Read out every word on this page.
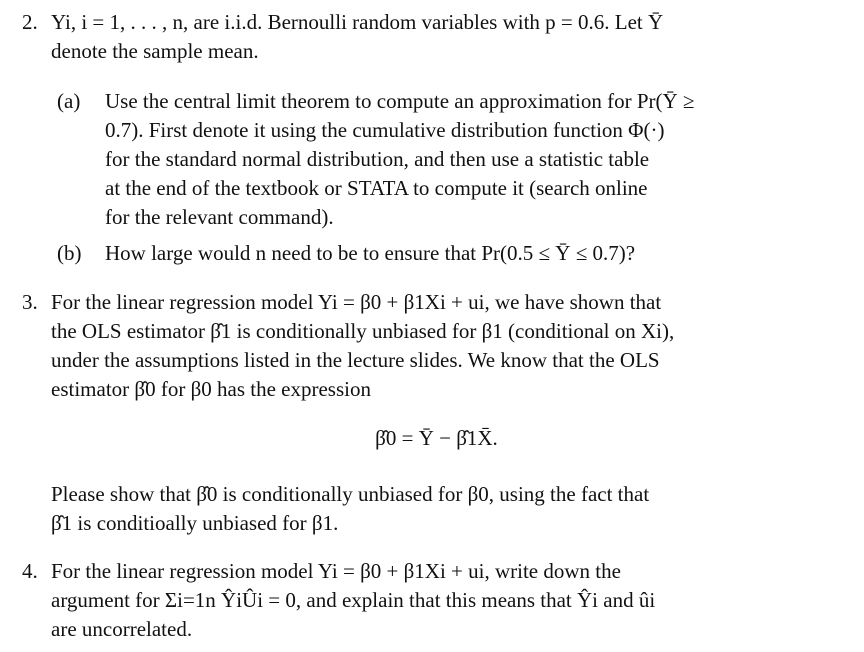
2. Yi, i = 1, . . . , n, are i.i.d. Bernoulli random variables with p = 0.6. Let Ȳ
denote the sample mean.
(a) Use the central limit theorem to compute an approximation for Pr(Ȳ ≥
0.7). First denote it using the cumulative distribution function Φ(·)
for the standard normal distribution, and then use a statistic table
at the end of the textbook or STATA to compute it (search online
for the relevant command).
(b) How large would n need to be to ensure that Pr(0.5 ≤ Ȳ ≤ 0.7)?
3. For the linear regression model Yi = β0 + β1Xi + ui, we have shown that
the OLS estimator β̂1 is conditionally unbiased for β1 (conditional on Xi),
under the assumptions listed in the lecture slides. We know that the OLS
estimator β̂0 for β0 has the expression
β̂0 = Ȳ − β̂1X̄.
Please show that β̂0 is conditionally unbiased for β0, using the fact that
β̂1 is conditioally unbiased for β1.
4. For the linear regression model Yi = β0 + β1Xi + ui, write down the
argument for Σi=1n ŶiÛi = 0, and explain that this means that Ŷi and ûi
are uncorrelated.
